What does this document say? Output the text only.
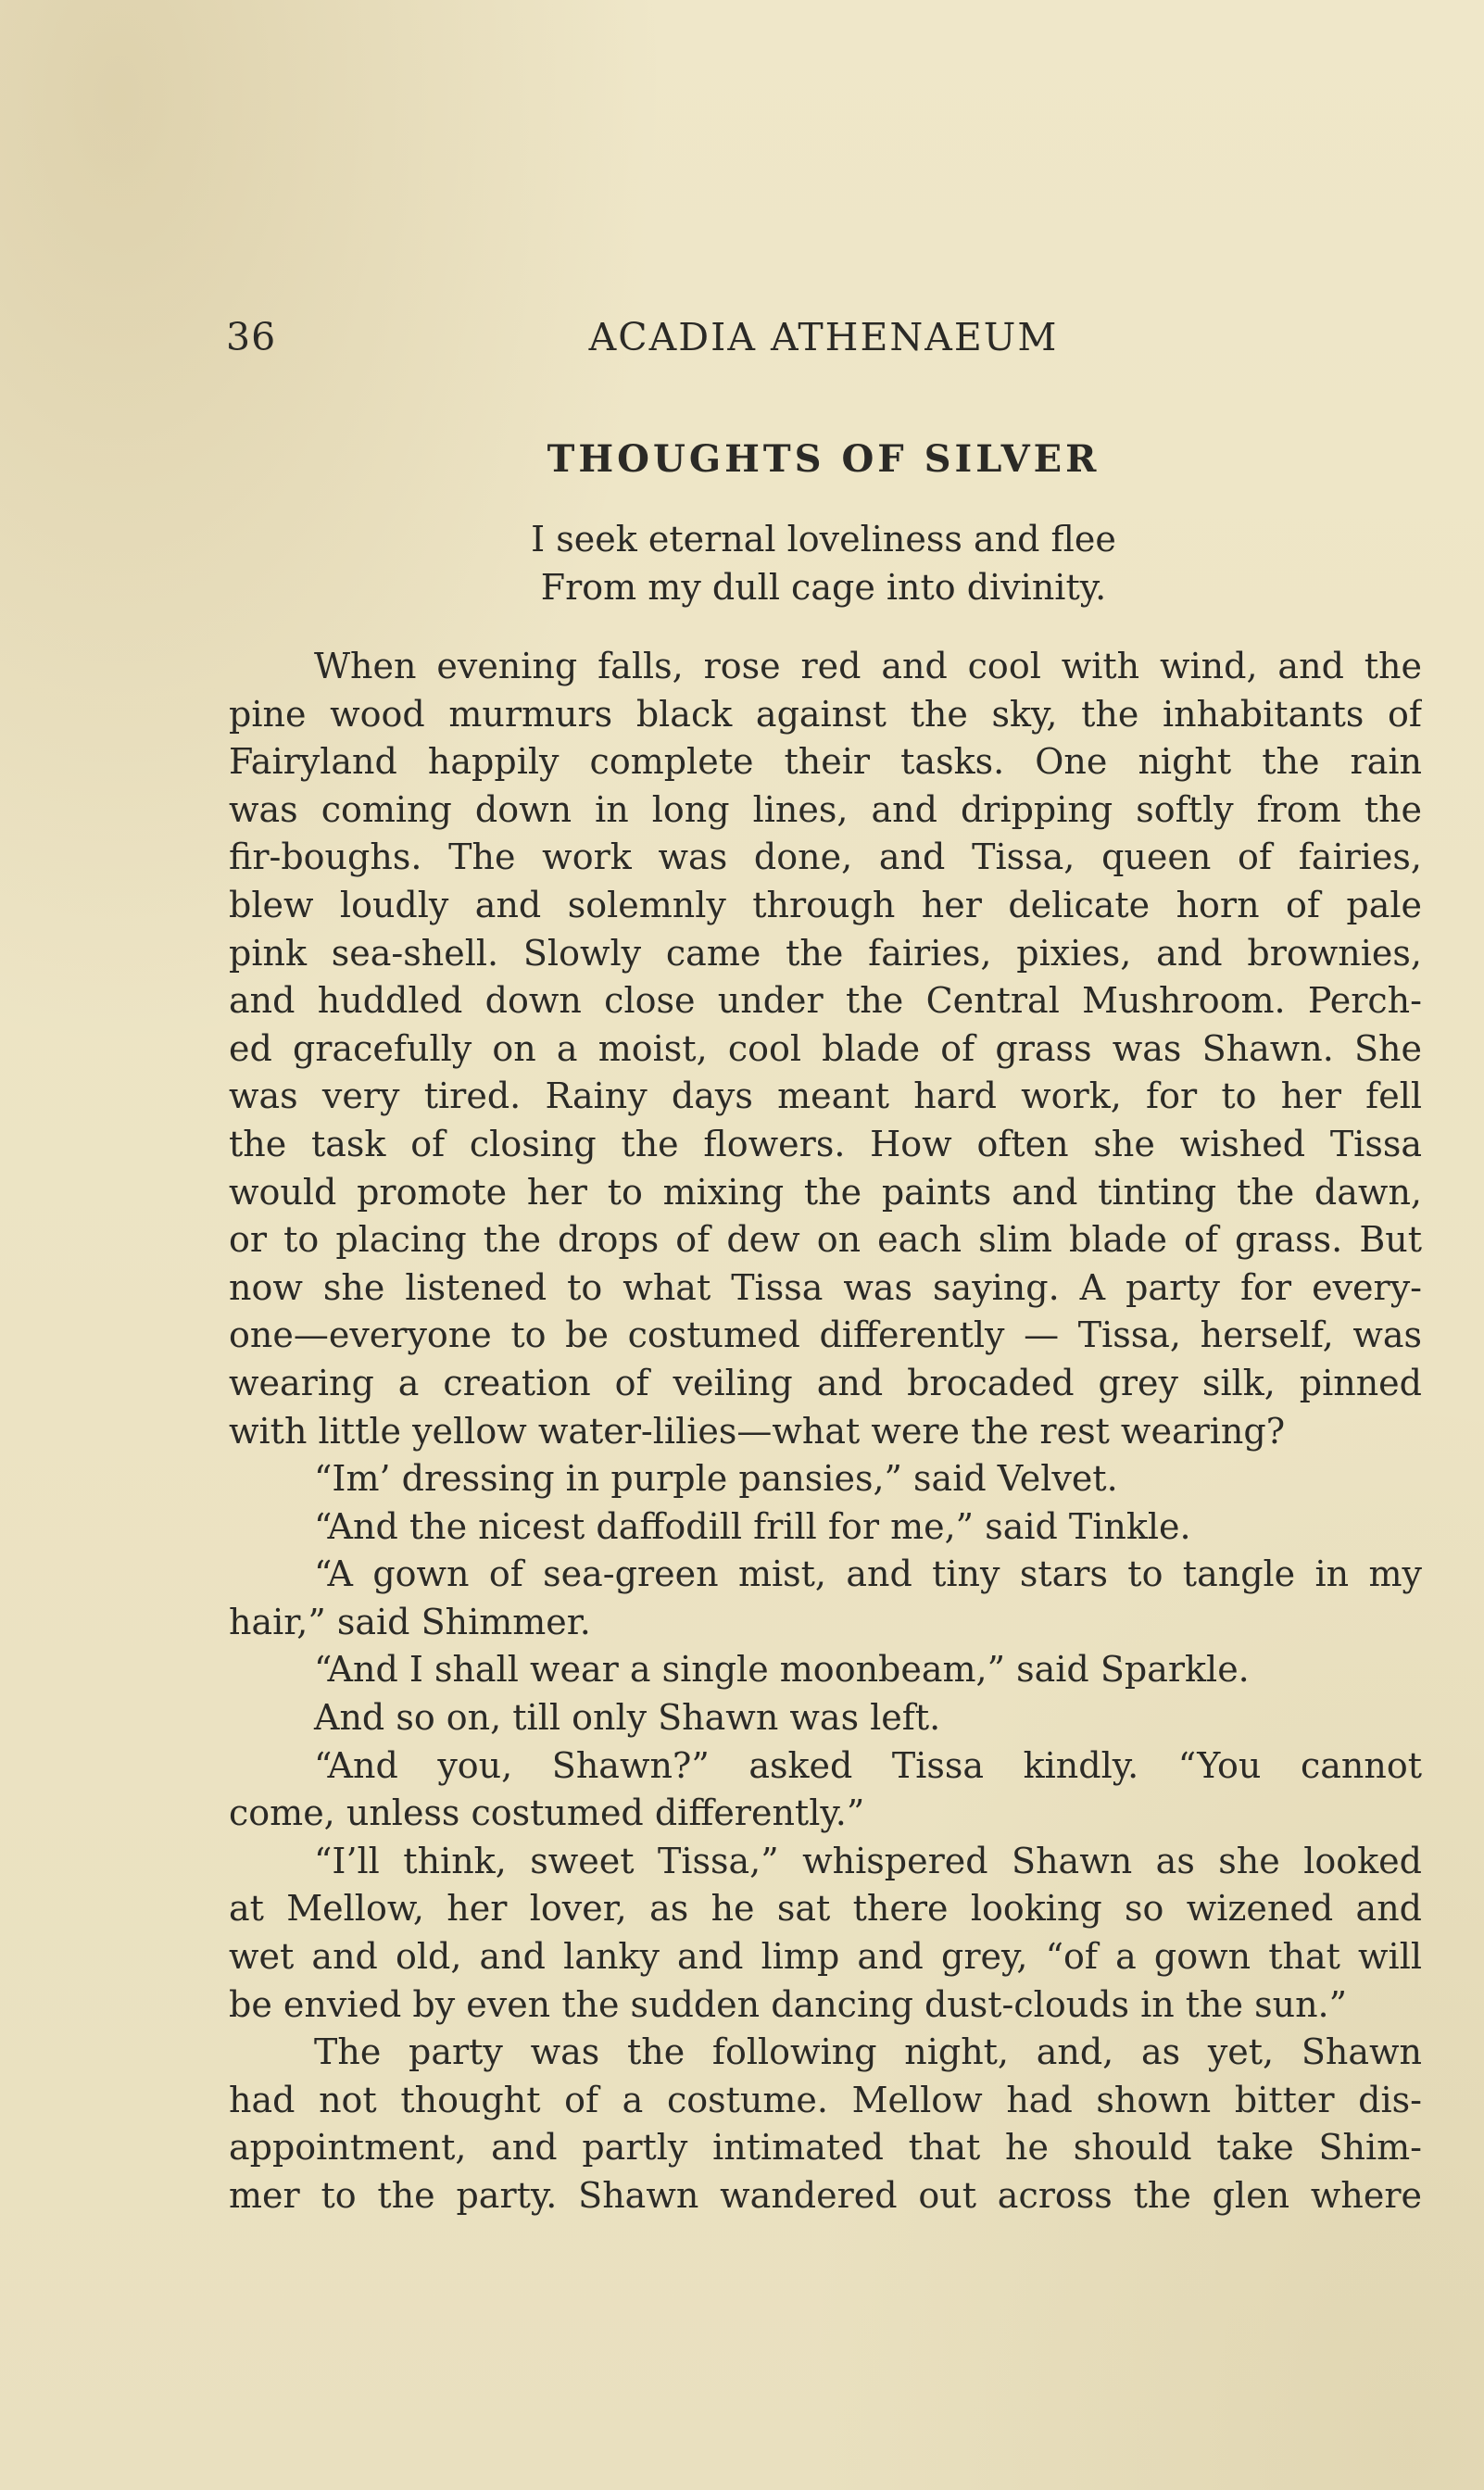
36	ACADIA ATHENAEUM
THOUGHTS OF SILVER
I seek eternal loveliness and flee
From my dull cage into divinity.
When evening falls, rose red and cool with wind, and the
pine wood murmurs black against the sky, the inhabitants of
Fairyland happily complete their tasks. One night the rain
was coming down in long lines, and dripping softly from the
fir-boughs. The work was done, and Tissa, queen of fairies,
blew loudly and solemnly through her delicate horn of pale
pink sea-shell. Slowly came the fairies, pixies, and brownies,
and huddled down close under the Central Mushroom. Perch-
ed gracefully on a moist, cool blade of grass was Shawn. She
was very tired. Rainy days meant hard work, for to her fell
the task of closing the flowers. How often she wished Tissa
would promote her to mixing the paints and tinting the dawn,
or to placing the drops of dew on each slim blade of grass. But
now she listened to what Tissa was saying. A party for every-
one—everyone to be costumed differently — Tissa, herself, was
wearing a creation of veiling and brocaded grey silk, pinned
with little yellow water-lilies—what were the rest wearing?
“Im’ dressing in purple pansies,” said Velvet.
“And the nicest daffodill frill for me,” said Tinkle.
“A gown of sea-green mist, and tiny stars to tangle in my
hair,” said Shimmer.
“And I shall wear a single moonbeam,” said Sparkle.
And so on, till only Shawn was left.
“And you, Shawn?” asked Tissa kindly. “You cannot
come, unless costumed differently.”
“I’ll think, sweet Tissa,” whispered Shawn as she looked
at Mellow, her lover, as he sat there looking so wizened and
wet and old, and lanky and limp and grey, “of a gown that will
be envied by even the sudden dancing dust-clouds in the sun.”
The party was the following night, and, as yet, Shawn
had not thought of a costume. Mellow had shown bitter dis-
appointment, and partly intimated that he should take Shim-
mer to the party. Shawn wandered out across the glen where
